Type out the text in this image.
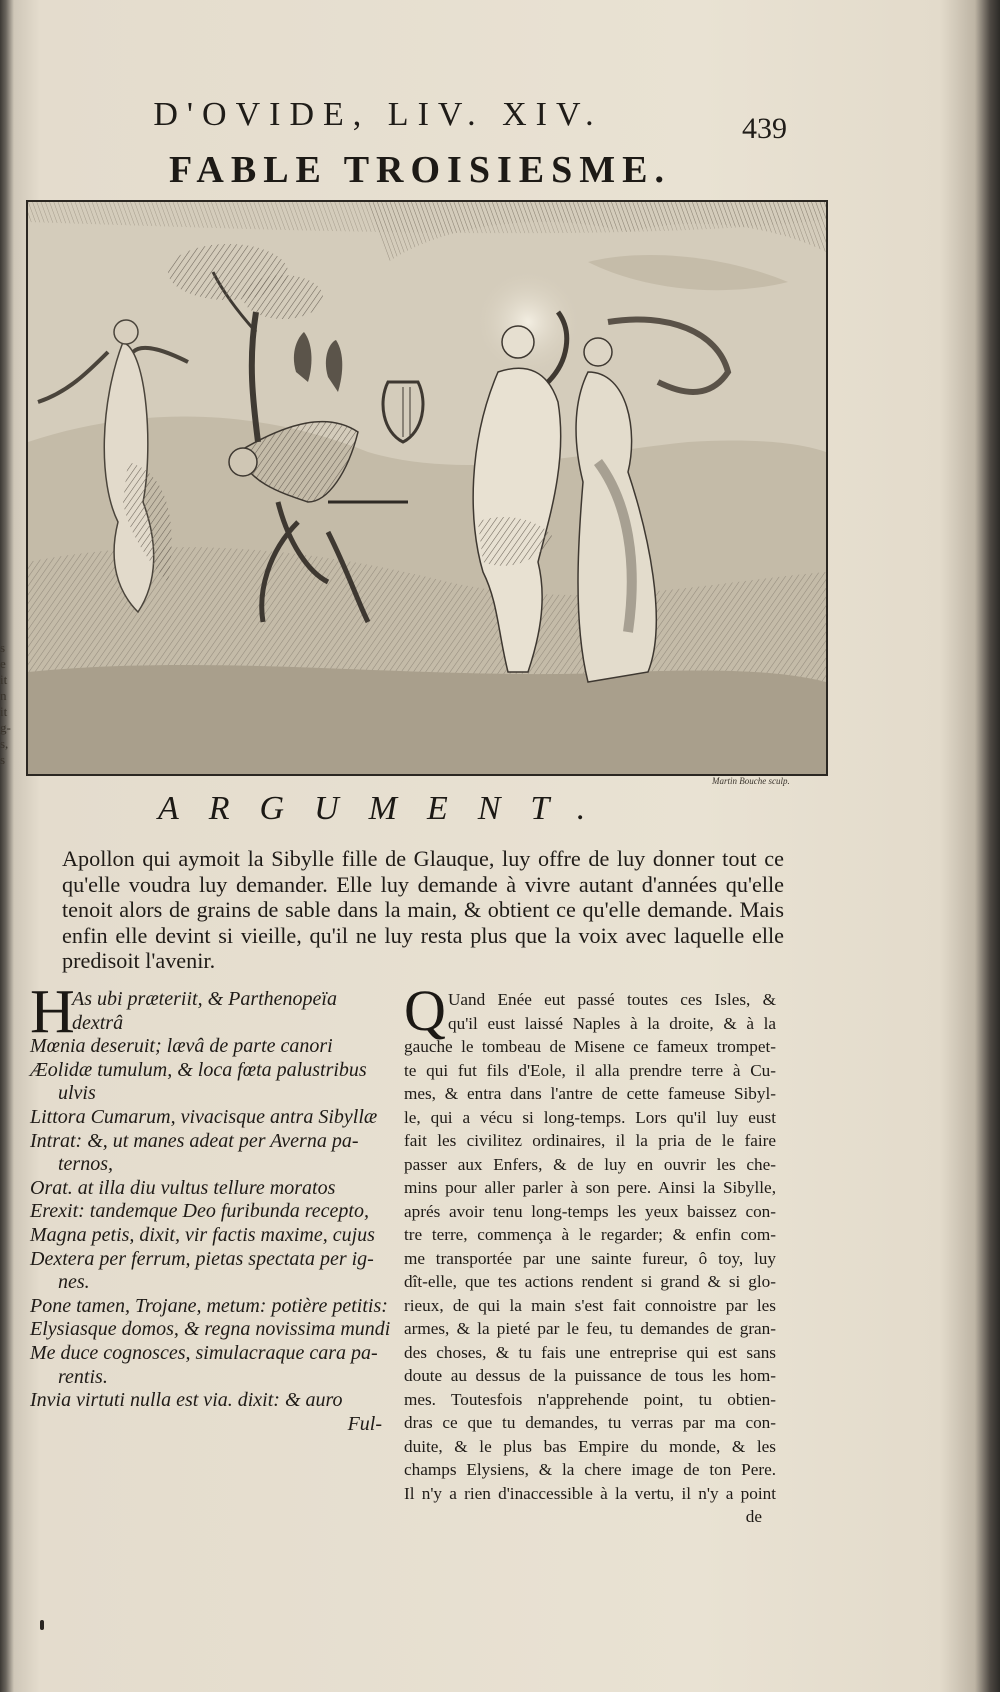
s
e
it
n
it
g-
s,
s
D'OVIDE, LIV. XIV.	439
FABLE TROISIESME.
Martin Bouche sculp.
ARGUMENT.

Apollon qui aymoit la Sibylle fille de Glauque, luy offre de luy donner tout ce qu'elle voudra luy demander. Elle luy demande à vivre autant d'années qu'elle tenoit alors de grains de sable dans la main, & obtient ce qu'elle demande. Mais enfin elle devint si vieille, qu'il ne luy resta plus que la voix avec laquelle elle predisoit l'avenir.

H
As ubi præteriit, & Parthenopeïa
dextrâ
Mœnia deseruit; lævâ de parte canori
Æolidæ tumulum, & loca fœta palustribus
ulvis
Littora Cumarum, vivacisque antra Sibyllæ
Intrat: &, ut manes adeat per Averna pa-
ternos,
Orat. at illa diu vultus tellure moratos
Erexit: tandemque Deo furibunda recepto,
Magna petis, dixit, vir factis maxime, cujus
Dextera per ferrum, pietas spectata per ig-
nes.
Pone tamen, Trojane, metum: potière petitis:
Elysiasque domos, & regna novissima mundi
Me duce cognosces, simulacraque cara pa-
rentis.
Invia virtuti nulla est via. dixit: & auro
Ful-
Q Uand Enée eut passé toutes ces Isles, &
qu'il eust laissé Naples à la droite, & à la
gauche le tombeau de Misene ce fameux trompet-
te qui fut fils d'Eole, il alla prendre terre à Cu-
mes, & entra dans l'antre de cette fameuse Sibyl-
le, qui a vécu si long-temps. Lors qu'il luy eust
fait les civilitez ordinaires, il la pria de le faire
passer aux Enfers, & de luy en ouvrir les che-
mins pour aller parler à son pere. Ainsi la Sibylle,
aprés avoir tenu long-temps les yeux baissez con-
tre terre, commença à le regarder; & enfin com-
me transportée par une sainte fureur, ô toy, luy
dît-elle, que tes actions rendent si grand & si glo-
rieux, de qui la main s'est fait connoistre par les
armes, & la pieté par le feu, tu demandes de gran-
des choses, & tu fais une entreprise qui est sans
doute au dessus de la puissance de tous les hom-
mes. Toutesfois n'apprehende point, tu obtien-
dras ce que tu demandes, tu verras par ma con-
duite, & le plus bas Empire du monde, & les
champs Elysiens, & la chere image de ton Pere.
Il n'y a rien d'inaccessible à la vertu, il n'y a point
de
